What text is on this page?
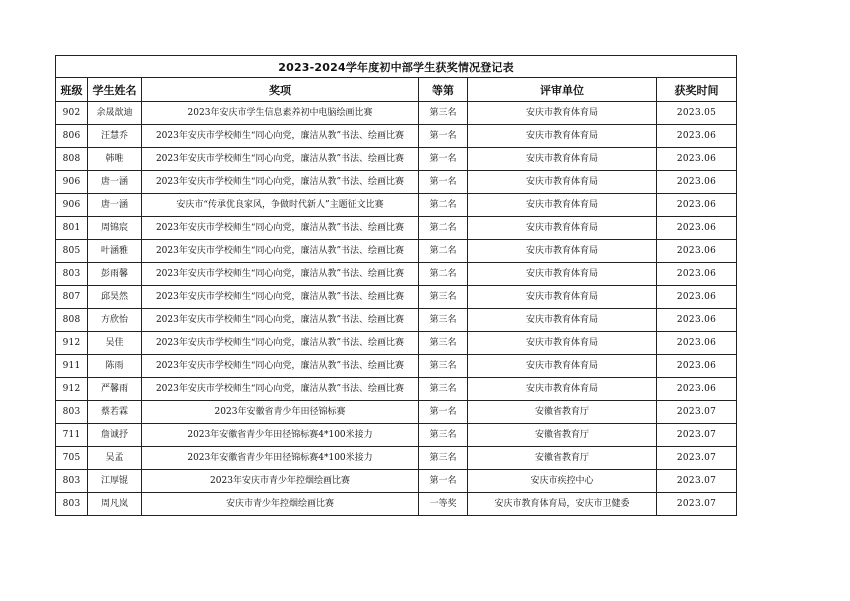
2023-2024学年度初中部学生获奖情况登记表					
班级	学生姓名	奖项	等第	评审单位	获奖时间
902	余晟歆迪	2023年安庆市学生信息素养初中电脑绘画比赛	第三名	安庆市教育体育局	2023.05
806	汪慧乔	2023年安庆市学校师生“同心向党，廉洁从教”书法、绘画比赛	第一名	安庆市教育体育局	2023.06
808	韩唯	2023年安庆市学校师生“同心向党，廉洁从教”书法、绘画比赛	第一名	安庆市教育体育局	2023.06
906	唐一涵	2023年安庆市学校师生“同心向党，廉洁从教”书法、绘画比赛	第一名	安庆市教育体育局	2023.06
906	唐一涵	安庆市“传承优良家风，争做时代新人”主题征文比赛	第二名	安庆市教育体育局	2023.06
801	周锦宸	2023年安庆市学校师生“同心向党，廉洁从教”书法、绘画比赛	第二名	安庆市教育体育局	2023.06
805	叶涵雅	2023年安庆市学校师生“同心向党，廉洁从教”书法、绘画比赛	第二名	安庆市教育体育局	2023.06
803	彭雨馨	2023年安庆市学校师生“同心向党，廉洁从教”书法、绘画比赛	第二名	安庆市教育体育局	2023.06
807	邱昊然	2023年安庆市学校师生“同心向党，廉洁从教”书法、绘画比赛	第三名	安庆市教育体育局	2023.06
808	方欣怡	2023年安庆市学校师生“同心向党，廉洁从教”书法、绘画比赛	第三名	安庆市教育体育局	2023.06
912	吴佳	2023年安庆市学校师生“同心向党，廉洁从教”书法、绘画比赛	第三名	安庆市教育体育局	2023.06
911	陈雨	2023年安庆市学校师生“同心向党，廉洁从教”书法、绘画比赛	第三名	安庆市教育体育局	2023.06
912	严馨雨	2023年安庆市学校师生“同心向党，廉洁从教”书法、绘画比赛	第三名	安庆市教育体育局	2023.06
803	蔡若霖	2023年安徽省青少年田径锦标赛	第一名	安徽省教育厅	2023.07
711	詹诚抒	2023年安徽省青少年田径锦标赛4*100米接力	第三名	安徽省教育厅	2023.07
705	吴孟	2023年安徽省青少年田径锦标赛4*100米接力	第三名	安徽省教育厅	2023.07
803	江厚锟	2023年安庆市青少年控烟绘画比赛	第一名	安庆市疾控中心	2023.07
803	周凡岚	安庆市青少年控烟绘画比赛	一等奖	安庆市教育体育局，安庆市卫健委	2023.07
